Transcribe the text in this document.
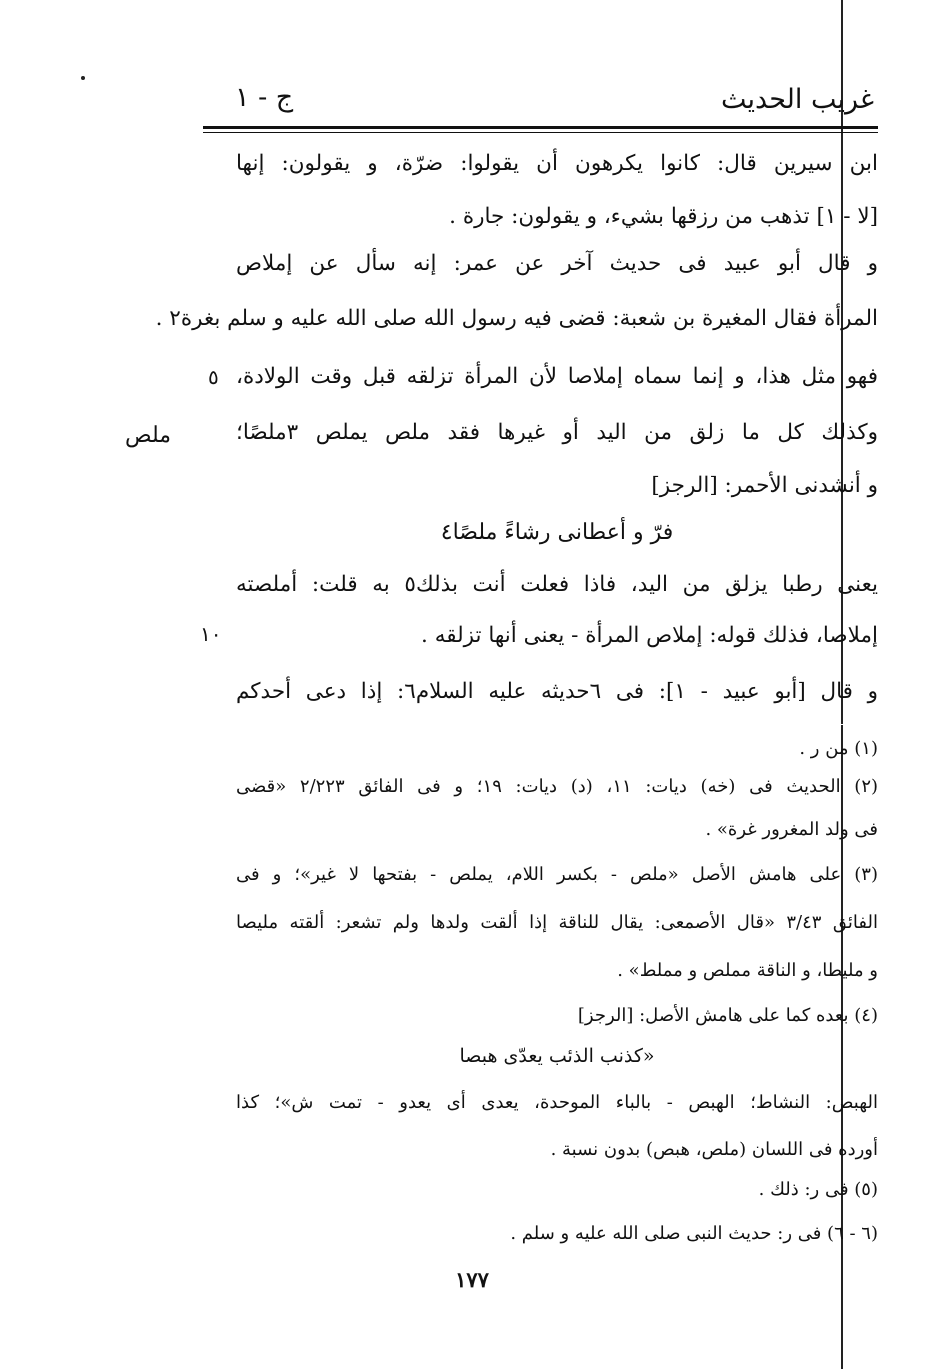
غريب الحديث
ج - ١
ابن سيرين قال: كانوا يكرهون أن يقولوا: ضرّة، و يقولون: إنها
[لا - ١] تذهب من رزقها بشيء، و يقولون: جارة .
و قال أبو عبيد فى حديث آخر عن عمر: إنه سأل عن إملاص
المرأة فقال المغيرة بن شعبة: قضى فيه رسول الله صلى الله عليه و سلم بغرة٢ .
فهو مثل هذا، و إنما سماه إملاصا لأن المرأة تزلقه قبل وقت الولادة،
وكذلك كل ما زلق من اليد أو غيرها فقد ملص يملص ٣ملصًا؛
و أنشدنى الأحمر: [الرجز]
فرّ و أعطانى رشاءً ملصًا٤
يعنى رطبا يزلق من اليد، فاذا فعلت أنت بذلك٥ به قلت: أملصته
إملاصا، فذلك قوله: إملاص المرأة - يعنى أنها تزلقه .
و قال [أبو عبيد - ١]: فى ٦حديثه عليه السلام٦: إذا دعى أحدكم
٥
١٠
ملص
(١) من ر .
(٢) الحديث فى (خه) ديات: ١١، (د) ديات: ١٩؛ و فى الفائق ٢/٢٢٣ «قضى
فى ولد المغرور غرة» .
(٣) على هامش الأصل «ملص - بكسر اللام، يملص - بفتحها لا غير»؛ و فى
الفائق ٣/٤٣ «قال الأصمعى: يقال للناقة إذا ألقت ولدها ولم تشعر: ألقته مليصا
و مليطا، و الناقة مملص و مملط» .
(٤) بعده كما على هامش الأصل: [الرجز]
«كذنب الذئب يعدّى هبصا
الهبص: النشاط؛ الهبص - بالباء الموحدة، يعدى أى يعدو - تمت ش»؛ كذا
أورده فى اللسان (ملص، هبص) بدون نسبة .
(٥) فى ر: ذلك .
(٦ - ٦) فى ر: حديث النبى صلى الله عليه و سلم .
١٧٧
